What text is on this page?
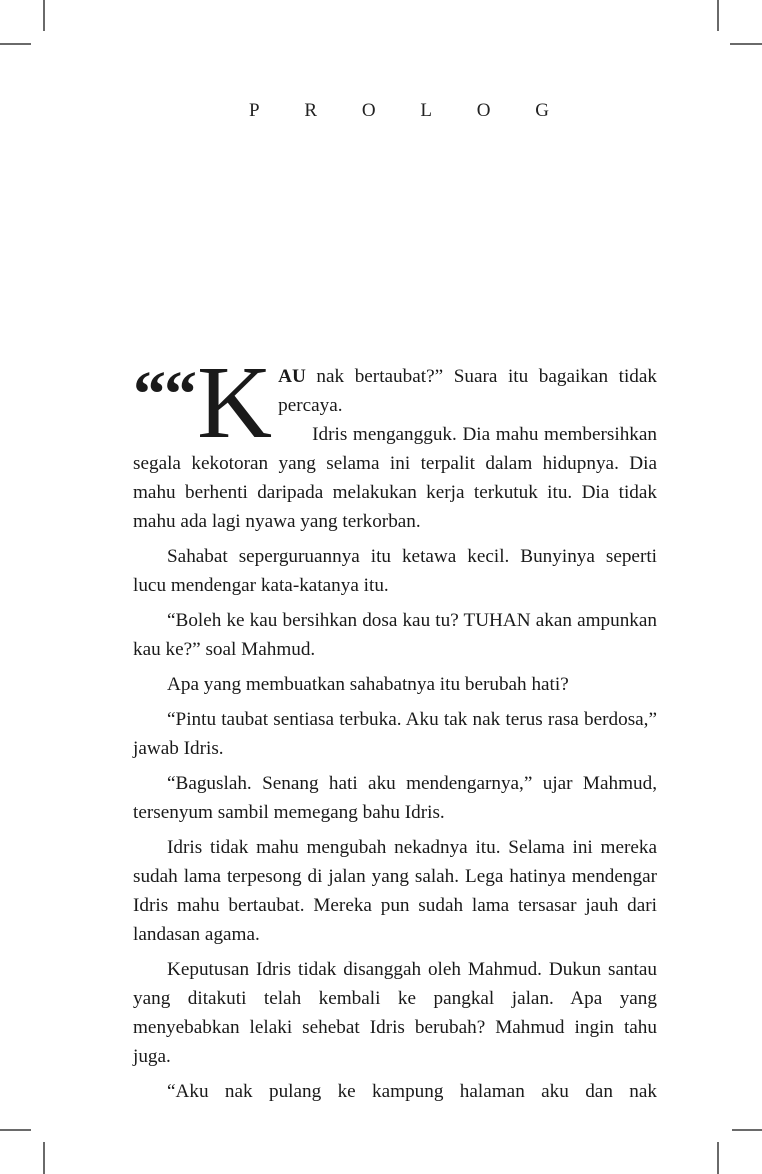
P R O L O G

““ K AU nak bertaubat?” Suara itu bagaikan tidak percaya.

Idris mengangguk. Dia mahu membersihkan segala kekotoran yang selama ini terpalit dalam hidupnya. Dia mahu berhenti daripada melakukan kerja terkutuk itu. Dia tidak mahu ada lagi nyawa yang terkorban.

Sahabat seperguruannya itu ketawa kecil. Bunyinya seperti lucu mendengar kata-katanya itu.

“Boleh ke kau bersihkan dosa kau tu? TUHAN akan ampunkan kau ke?” soal Mahmud.

Apa yang membuatkan sahabatnya itu berubah hati?

“Pintu taubat sentiasa terbuka. Aku tak nak terus rasa berdosa,” jawab Idris.

“Baguslah. Senang hati aku mendengarnya,” ujar Mahmud, tersenyum sambil memegang bahu Idris.

Idris tidak mahu mengubah nekadnya itu. Selama ini mereka sudah lama terpesong di jalan yang salah. Lega hatinya mendengar Idris mahu bertaubat. Mereka pun sudah lama tersasar jauh dari landasan agama.

Keputusan Idris tidak disanggah oleh Mahmud. Dukun santau yang ditakuti telah kembali ke pangkal jalan. Apa yang menyebabkan lelaki sehebat Idris berubah? Mahmud ingin tahu juga.

“Aku nak pulang ke kampung halaman aku dan nak
